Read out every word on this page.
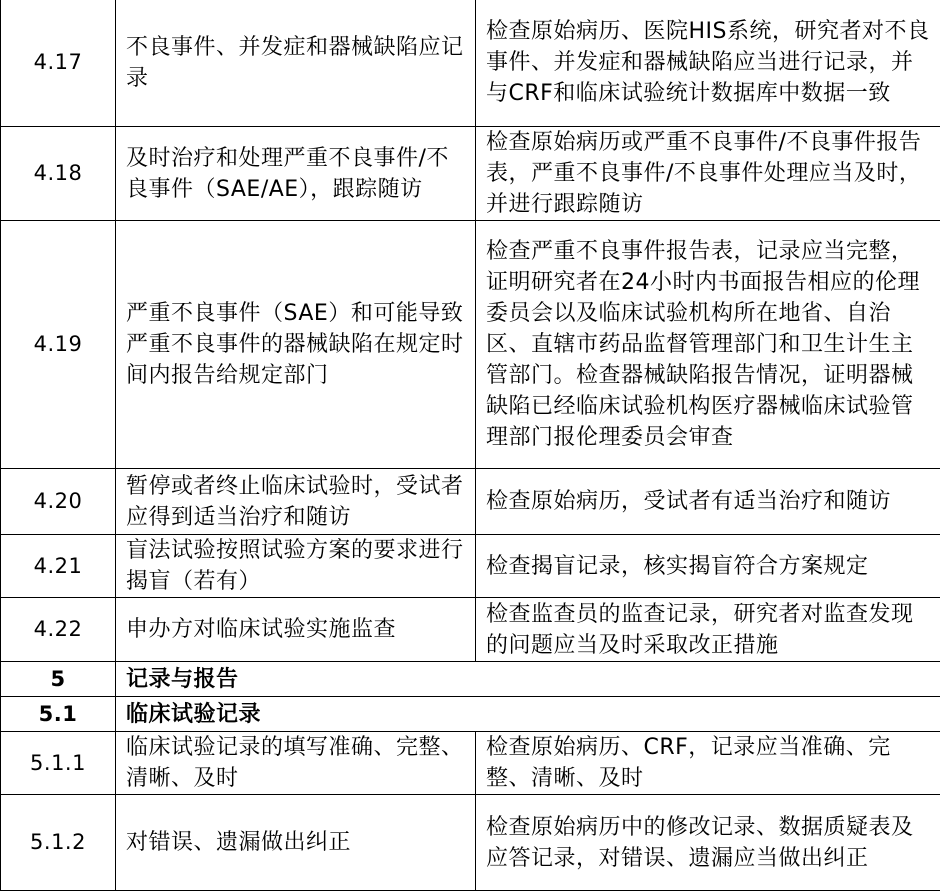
4.17	不良事件、并发症和器械缺陷应记录	检查原始病历、医院HIS系统，研究者对不良事件、并发症和器械缺陷应当进行记录，并与CRF和临床试验统计数据库中数据一致
4.18	及时治疗和处理严重不良事件/不良事件（SAE/AE），跟踪随访	检查原始病历或严重不良事件/不良事件报告表，严重不良事件/不良事件处理应当及时，并进行跟踪随访
4.19	严重不良事件（SAE）和可能导致严重不良事件的器械缺陷在规定时间内报告给规定部门	检查严重不良事件报告表，记录应当完整，证明研究者在24小时内书面报告相应的伦理委员会以及临床试验机构所在地省、自治区、直辖市药品监督管理部门和卫生计生主管部门。检查器械缺陷报告情况，证明器械缺陷已经临床试验机构医疗器械临床试验管理部门报伦理委员会审查
4.20	暂停或者终止临床试验时，受试者应得到适当治疗和随访	检查原始病历，受试者有适当治疗和随访
4.21	盲法试验按照试验方案的要求进行揭盲（若有）	检查揭盲记录，核实揭盲符合方案规定
4.22	申办方对临床试验实施监查	检查监查员的监查记录，研究者对监查发现的问题应当及时采取改正措施
5	记录与报告	
5.1	临床试验记录	
5.1.1	临床试验记录的填写准确、完整、清晰、及时	检查原始病历、CRF，记录应当准确、完整、清晰、及时
5.1.2	对错误、遗漏做出纠正	检查原始病历中的修改记录、数据质疑表及应答记录，对错误、遗漏应当做出纠正
